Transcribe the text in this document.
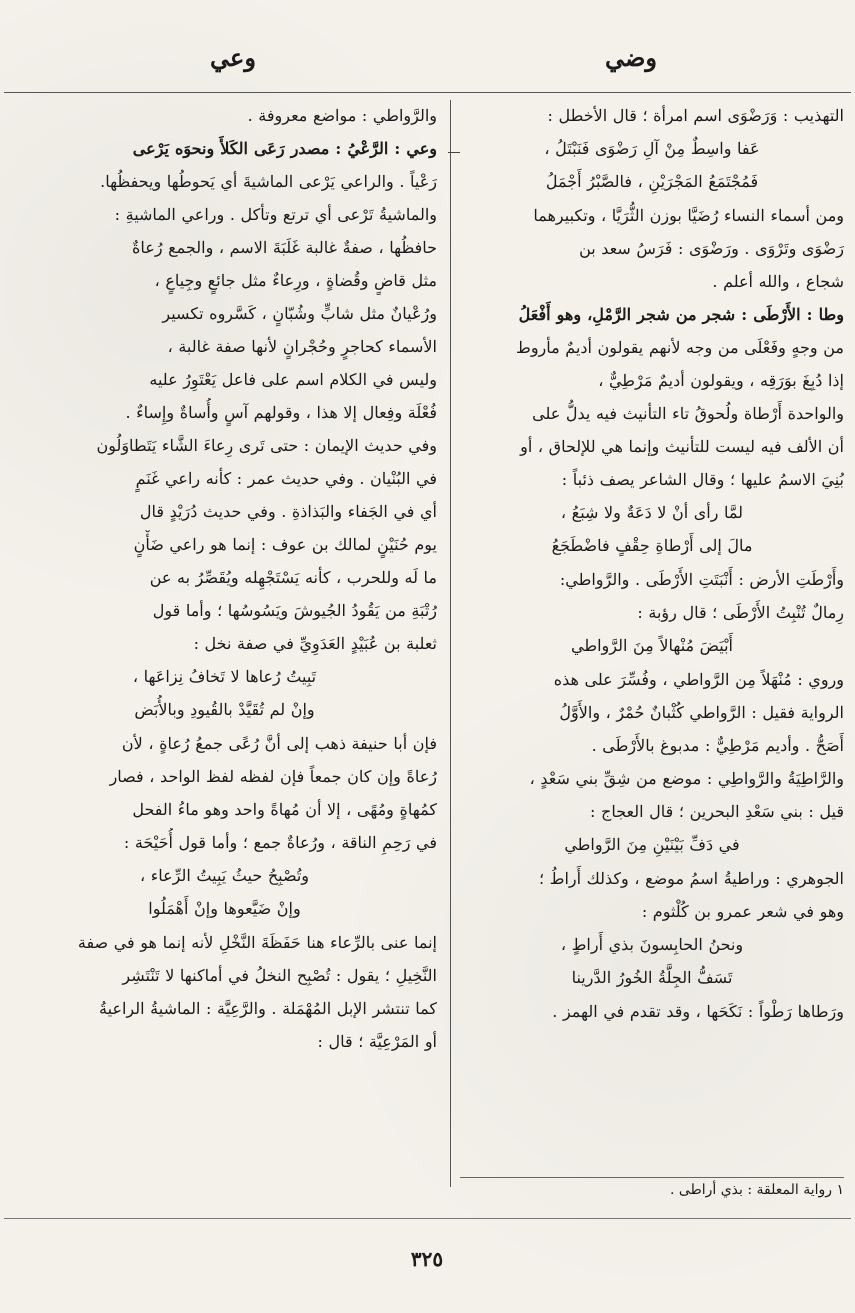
وضي
وعي
التهذيب : وَرَضْوَى اسم امرأة ؛ قال الأخطل :
عَفا واسِطٌ مِنْ آلِ رَضْوَى فَنَبْتَلُ ،
فَمُجْتَمَعُ المَجْرَيْنِ ، فالصَّبْرُ أَجْمَلُ
ومن أسماء النساء رُضَيَّا بوزن الثُّرَيَّا ، وتكبيرهما
رَضْوَى وتَرْوَى . ورَضْوَى : فَرَسُ سعد بن
شجاع ، والله أعلم .
وطا : الأَرْطَى : شجر من شجر الرَّمْلِ، وهو أَفْعَلُ
من وجهٍ وفَعْلَى من وجه لأنهم يقولون أديمٌ مأروط
إذا دُبِغَ بوَرَقِه ، ويقولون أديمٌ مَرْطِيٌّ ،
والواحدة أَرْطاة ولُحوقُ تاء التأنيث فيه يدلُّ على
أن الألف فيه ليست للتأنيث وإنما هي للإلحاق ، أو
بُنِيَ الاسمُ عليها ؛ وقال الشاعر يصف ذئباً :
لمَّا رأى أنْ لا دَعَةٌ ولا شِبَعُ ،
مالَ إلى أَرْطاةِ حِقْفٍ فاضْطَجَعُ
وأَرْطَتِ الأرض : أَنْبَتَتِ الأَرْطَى . والرَّواطي:
رِمالٌ تُنْبِتُ الأَرْطَى ؛ قال رؤبة :
أَبْيَضَ مُنْهالاً مِنَ الرَّواطي
وروي : مُنْهَلاً مِن الرَّواطي ، وفُسِّرَ على هذه
الرواية فقيل : الرَّواطي كُثْبانٌ حُمْرٌ ، والأَوَّلُ
أَصَحُّ . وأديم مَرْطِيٌّ : مدبوغ بالأَرْطَى .
والرَّاطِيَةُ والرَّواطِي : موضع من شِقِّ بني سَعْدٍ ،
قيل : بني سَعْدِ البحرين ؛ قال العجاج :
في دَفِّ بَيْنَيْنِ مِنَ الرَّواطي
الجوهري : وراطيةُ اسمُ موضع ، وكذلك أَراطُ ؛
وهو في شعر عمرو بن كُلْثوم :
ونحنُ الحابِسونَ بذي أَراطٍ ،
تَسَفُّ الجِلَّةُ الخُورُ الدَّرينا
ورَطاها رَطْواً : نَكَحَها ، وقد تقدم في الهمز .
والرَّواطي : مواضع معروفة .
وعي : الرَّعْيُ : مصدر رَعَى الكَلأَ ونحوَه يَرْعى
رَعْياً . والراعي يَرْعى الماشيةَ أي يَحوطُها ويحفظُها.
والماشيةُ تَرْعى أي ترتع وتأكل . وراعي الماشيةِ :
حافظُها ، صفةٌ غالبة غَلَبَةَ الاسم ، والجمع رُعاةٌ
مثل قاضٍ وقُضاةٍ ، ورِعاءٌ مثل جائعٍ وجِياعٍ ،
ورُعْيانٌ مثل شابٍّ وشُبّانٍ ، كَسَّروه تكسير
الأسماء كحاجرٍ وحُجْرانٍ لأنها صفة غالبة ،
وليس في الكلام اسم على فاعل يَعْتَوِرُ عليه
فُعْلَة وفِعال إلا هذا ، وقولهم آسٍ وأُساةٌ وإِساءٌ .
وفي حديث الإيمان : حتى تَرى رِعاءَ الشَّاء يَتَطاوَلُون
في البُنْيان . وفي حديث عمر : كأنه راعي غَنَمٍ
أي في الجَفاء والبَذاذةِ . وفي حديث دُرَيْدٍ قال
يوم حُنَيْنٍ لمالك بن عوف : إنما هو راعي ضَأْنٍ
ما لَه وللحرب ، كأنه يَسْتَجْهِله ويُقَصِّرُ به عن
رُتْبَةِ من يَقُودُ الجُيوشَ ويَسُوسُها ؛ وأما قول
ثعلبة بن عُبَيْدٍ العَدَوِيِّ في صفة نخل :
تَبِيتُ رُعاها لا تَخافُ نِزاعَها ،
وإنْ لم تُقَيَّدْ بالقُيودِ وبالأُبَض
فإن أبا حنيفة ذهب إلى أنَّ رُعًى جمعُ رُعاةٍ ، لأن
رُعاةً وإن كان جمعاً فإن لفظه لفظ الواحد ، فصار
كمُهاةٍ ومُهًى ، إلا أن مُهاةً واحد وهو ماءُ الفحل
في رَحِمِ الناقة ، ورُعاةٌ جمع ؛ وأما قول أُحَيْحَة :
وتُصْبِحُ حيثُ يَبِيتُ الرِّعاء ،
وإنْ ضَيَّعوها وإنْ أَهْمَلُوا
إنما عنى بالرِّعاء هنا حَفَظَةَ النَّخْلِ لأنه إنما هو في صفة
النَّخِيلِ ؛ يقول : تُصْبِح النخلُ في أماكنها لا تَنْتَشِر
كما تنتشر الإبل المُهْمَلة . والرَّعِيَّة : الماشيةُ الراعيةُ
أو المَرْعِيَّة ؛ قال :
١ رواية المعلقة : بذي أراطى .
٣٢٥
